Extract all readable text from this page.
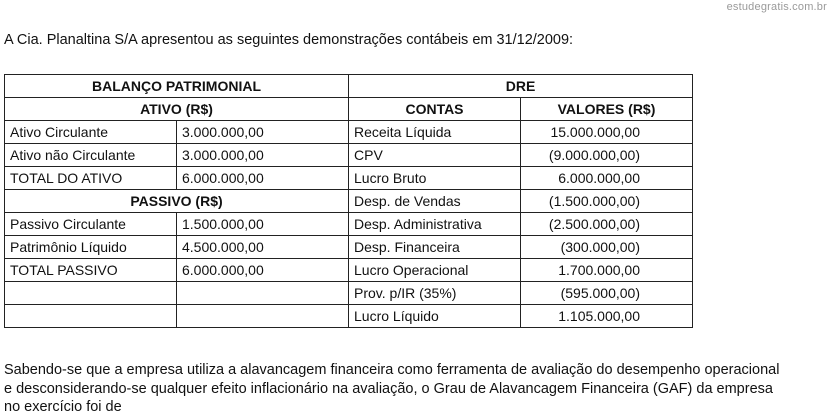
estudegratis.com.br
A Cia. Planaltina S/A apresentou as seguintes demonstrações contábeis em 31/12/2009:
BALANÇO PATRIMONIAL		DRE	
ATIVO (R$)		CONTAS	VALORES (R$)
Ativo Circulante	3.000.000,00	Receita Líquida	15.000.000,00
Ativo não Circulante	3.000.000,00	CPV	(9.000.000,00)
TOTAL DO ATIVO	6.000.000,00	Lucro Bruto	6.000.000,00
PASSIVO (R$)		Desp. de Vendas	(1.500.000,00)
Passivo Circulante	1.500.000,00	Desp. Administrativa	(2.500.000,00)
Patrimônio Líquido	4.500.000,00	Desp. Financeira	(300.000,00)
TOTAL PASSIVO	6.000.000,00	Lucro Operacional	1.700.000,00
		Prov. p/IR (35%)	(595.000,00)
		Lucro Líquido	1.105.000,00
Sabendo-se que a empresa utiliza a alavancagem financeira como ferramenta de avaliação do desempenho operacional
e desconsiderando-se qualquer efeito inflacionário na avaliação, o Grau de Alavancagem Financeira (GAF) da empresa
no exercício foi de
